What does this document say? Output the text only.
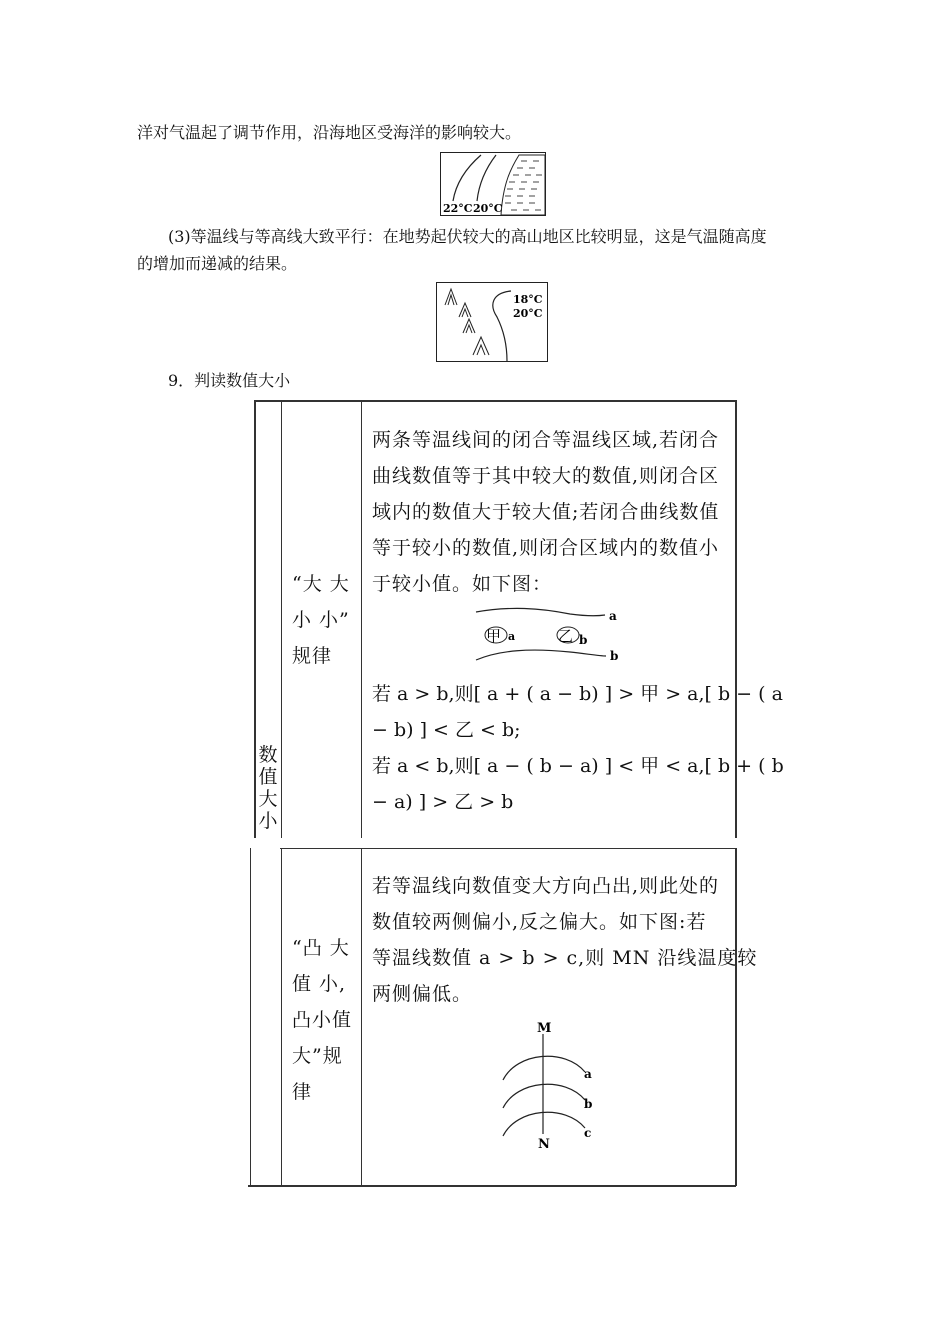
洋对气温起了调节作用，沿海地区受海洋的影响较大。
22°C 20°C
(3)等温线与等高线大致平行：在地势起伏较大的高山地区比较明显，这是气温随高度
的增加而递减的结果。
18°C
20°C
9．判读数值大小
数
值
大
小
“大 大
小 小”
规律
两条等温线间的闭合等温线区域,若闭合
曲线数值等于其中较大的数值,则闭合区
域内的数值大于较大值;若闭合曲线数值
等于较小的数值,则闭合区域内的数值小
于较小值。如下图：
a
b
甲 a	乙 b
若 a > b,则[ a + ( a − b) ] > 甲 > a,[ b − ( a
− b) ] < 乙 < b;
若 a < b,则[ a − ( b − a) ] < 甲 < a,[ b + ( b
− a) ] > 乙 > b
“凸 大
值 小,
凸小值
大”规
律
若等温线向数值变大方向凸出,则此处的
数值较两侧偏小,反之偏大。如下图:若
等温线数值 a > b > c,则 MN 沿线温度较
两侧偏低。
M
N
a
b
c
